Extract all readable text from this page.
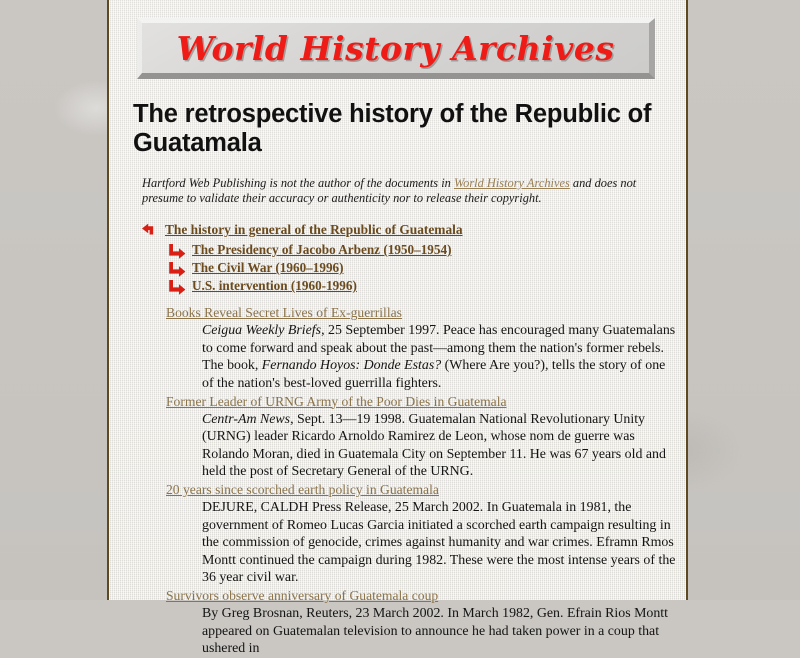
World History Archives
The retrospective history of the Republic of Guatamala

Hartford Web Publishing is not the author of the documents in World History Archives and does not presume to validate their accuracy or authenticity nor to release their copyright.

The history in general of the Republic of Guatemala
The Presidency of Jacobo Arbenz (1950–1954)
The Civil War (1960–1996)
U.S. intervention (1960-1996)
Books Reveal Secret Lives of Ex-guerrillas

Ceigua Weekly Briefs, 25 September 1997. Peace has encouraged many Guatemalans to come forward and speak about the past—among them the nation's former rebels. The book, Fernando Hoyos: Donde Estas? (Where Are you?), tells the story of one of the nation's best-loved guerrilla fighters.

Former Leader of URNG Army of the Poor Dies in Guatemala

Centr-Am News, Sept. 13—19 1998. Guatemalan National Revolutionary Unity (URNG) leader Ricardo Arnoldo Ramirez de Leon, whose nom de guerre was Rolando Moran, died in Guatemala City on September 11. He was 67 years old and held the post of Secretary General of the URNG.

20 years since scorched earth policy in Guatemala

DEJURE, CALDH Press Release, 25 March 2002. In Guatemala in 1981, the government of Romeo Lucas Garcia initiated a scorched earth campaign resulting in the commission of genocide, crimes against humanity and war crimes. Eframn Rmos Montt continued the campaign during 1982. These were the most intense years of the 36 year civil war.

Survivors observe anniversary of Guatemala coup

By Greg Brosnan, Reuters, 23 March 2002. In March 1982, Gen. Efrain Rios Montt appeared on Guatemalan television to announce he had taken power in a coup that ushered in
